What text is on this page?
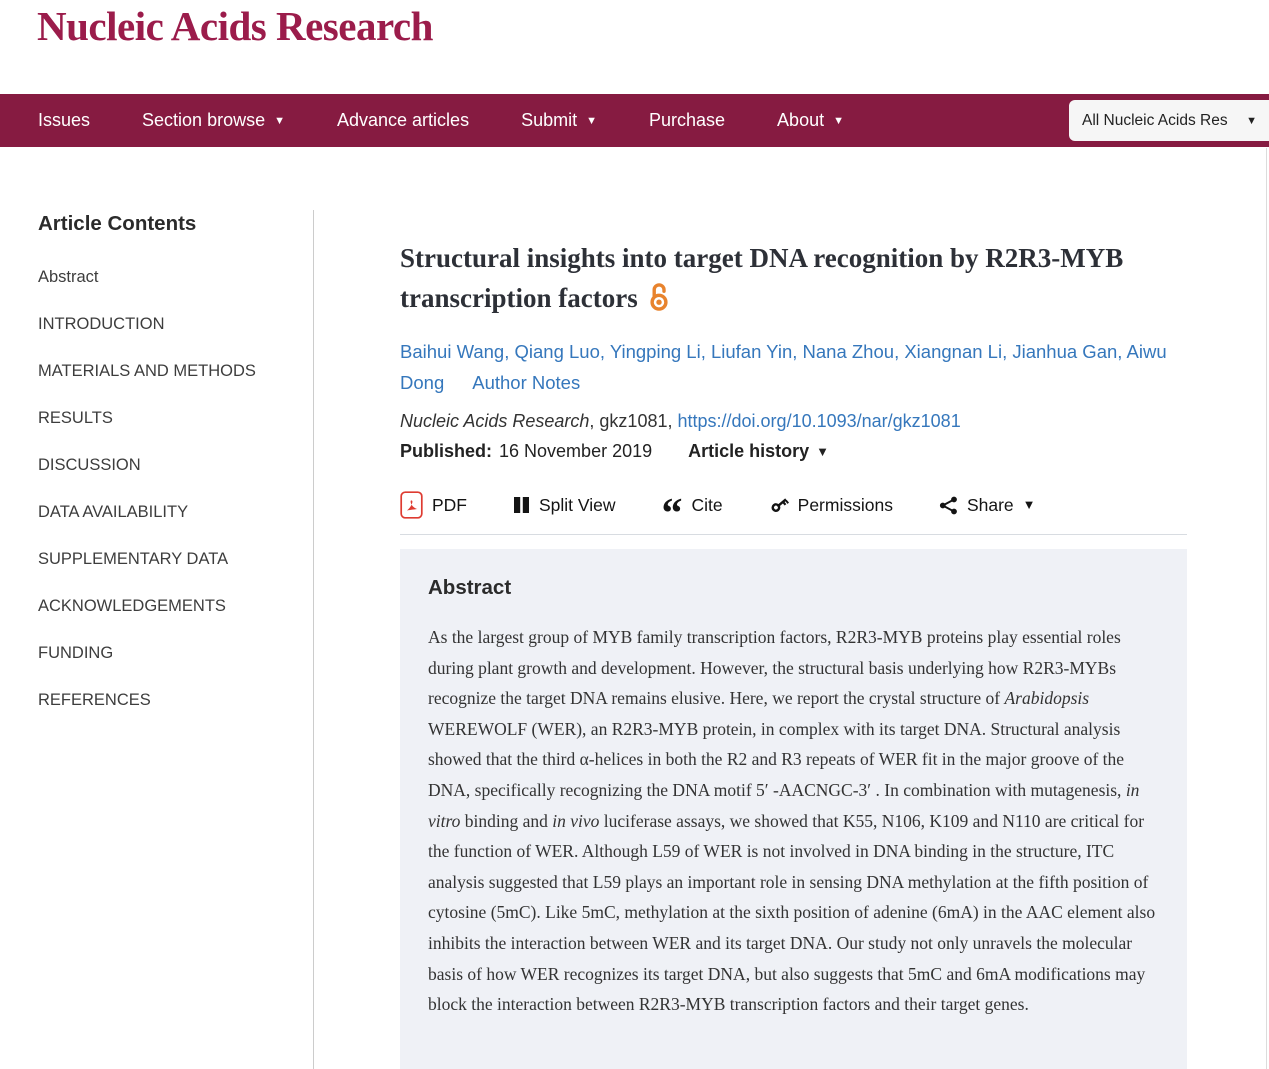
Nucleic Acids Research
Issues	Section browse ▼	Advance articles	Submit ▼	Purchase	About ▼	All Nucleic Acids Res ▼
Article Contents
Abstract
INTRODUCTION
MATERIALS AND METHODS
RESULTS
DISCUSSION
DATA AVAILABILITY
SUPPLEMENTARY DATA
ACKNOWLEDGEMENTS
FUNDING
REFERENCES
Structural insights into target DNA recognition by R2R3-MYB transcription factors
Baihui Wang, Qiang Luo, Yingping Li, Liufan Yin, Nana Zhou, Xiangnan Li, Jianhua Gan, Aiwu Dong Author Notes
Nucleic Acids Research, gkz1081, https://doi.org/10.1093/nar/gkz1081
Published: 16 November 2019 Article history ▼
PDF	Split View “	Cite	Permissions	Share
▼
Abstract
As the largest group of MYB family transcription factors, R2R3-MYB proteins play essential roles during plant growth and development. However, the structural basis underlying how R2R3-MYBs recognize the target DNA remains elusive. Here, we report the crystal structure of Arabidopsis WEREWOLF (WER), an R2R3-MYB protein, in complex with its target DNA. Structural analysis showed that the third α-helices in both the R2 and R3 repeats of WER fit in the major groove of the DNA, specifically recognizing the DNA motif 5′ -AACNGC-3′ . In combination with mutagenesis, in vitro binding and in vivo luciferase assays, we showed that K55, N106, K109 and N110 are critical for the function of WER. Although L59 of WER is not involved in DNA binding in the structure, ITC analysis suggested that L59 plays an important role in sensing DNA methylation at the fifth position of cytosine (5mC). Like 5mC, methylation at the sixth position of adenine (6mA) in the AAC element also inhibits the interaction between WER and its target DNA. Our study not only unravels the molecular basis of how WER recognizes its target DNA, but also suggests that 5mC and 6mA modifications may block the interaction between R2R3-MYB transcription factors and their target genes.
